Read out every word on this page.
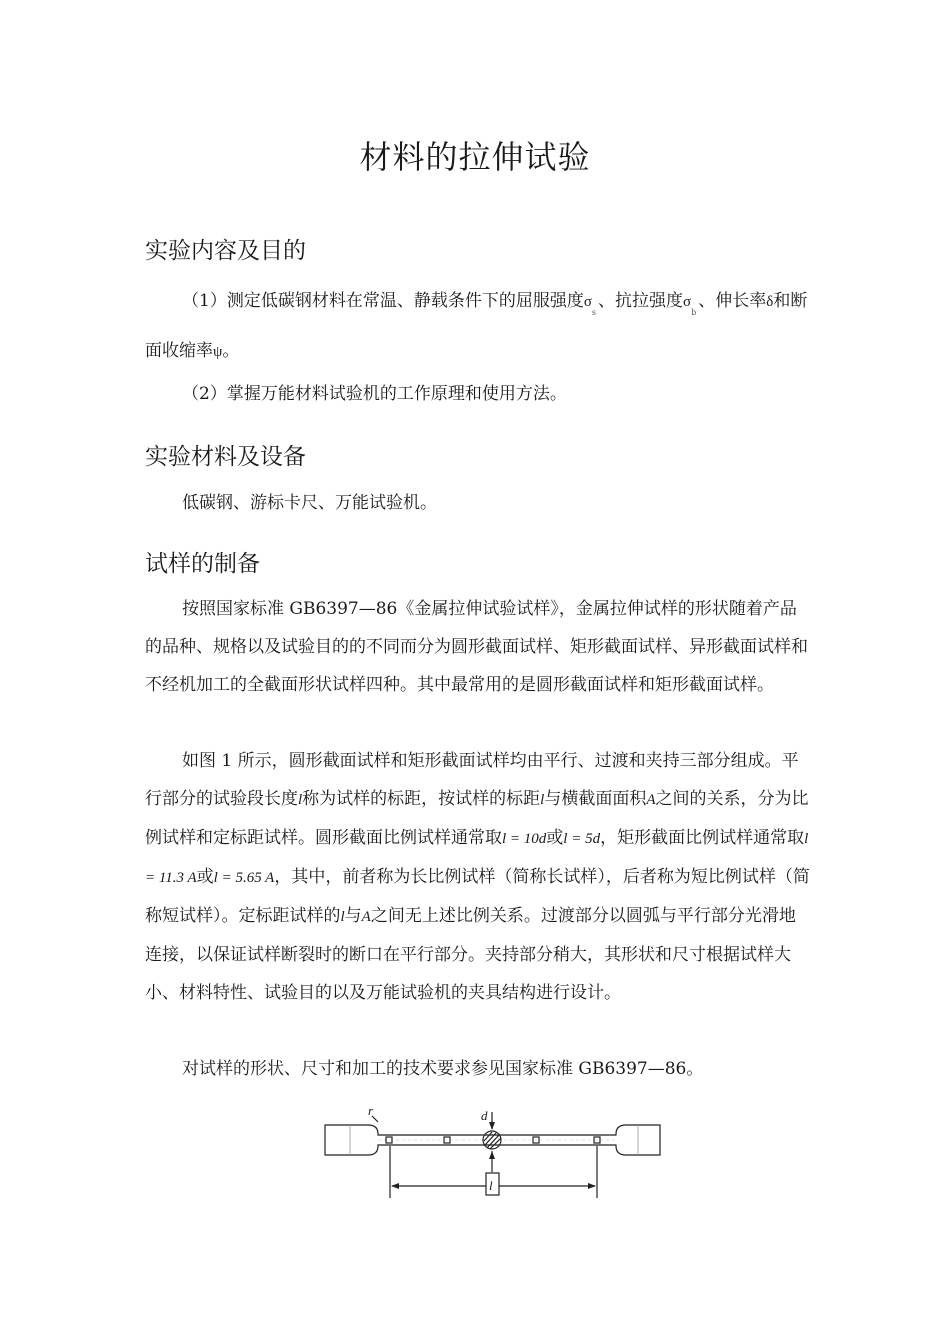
材料的拉伸试验
实验内容及目的

（1）测定低碳钢材料在常温、静载条件下的屈服强度$\sigma_s$、抗拉强度$\sigma_b$、伸长率δ和断面收缩率ψ。

（2）掌握万能材料试验机的工作原理和使用方法。

实验材料及设备

低碳钢、游标卡尺、万能试验机。

试样的制备

按照国家标准 GB6397—86《金属拉伸试验试样》，金属拉伸试样的形状随着产品的品种、规格以及试验目的的不同而分为圆形截面试样、矩形截面试样、异形截面试样和不经机加工的全截面形状试样四种。其中最常用的是圆形截面试样和矩形截面试样。

如图 1 所示，圆形截面试样和矩形截面试样均由平行、过渡和夹持三部分组成。平行部分的试验段长度l称为试样的标距，按试样的标距l与横截面面积A之间的关系，分为比例试样和定标距试样。圆形截面比例试样通常取l = 10d或l = 5d，矩形截面比例试样通常取l = 11.3 A或l = 5.65 A，其中，前者称为长比例试样（简称长试样），后者称为短比例试样（简称短试样）。定标距试样的l与A之间无上述比例关系。过渡部分以圆弧与平行部分光滑地连接，以保证试样断裂时的断口在平行部分。夹持部分稍大，其形状和尺寸根据试样大小、材料特性、试验目的以及万能试验机的夹具结构进行设计。

对试样的形状、尺寸和加工的技术要求参见国家标准 GB6397—86。

r	d
l
